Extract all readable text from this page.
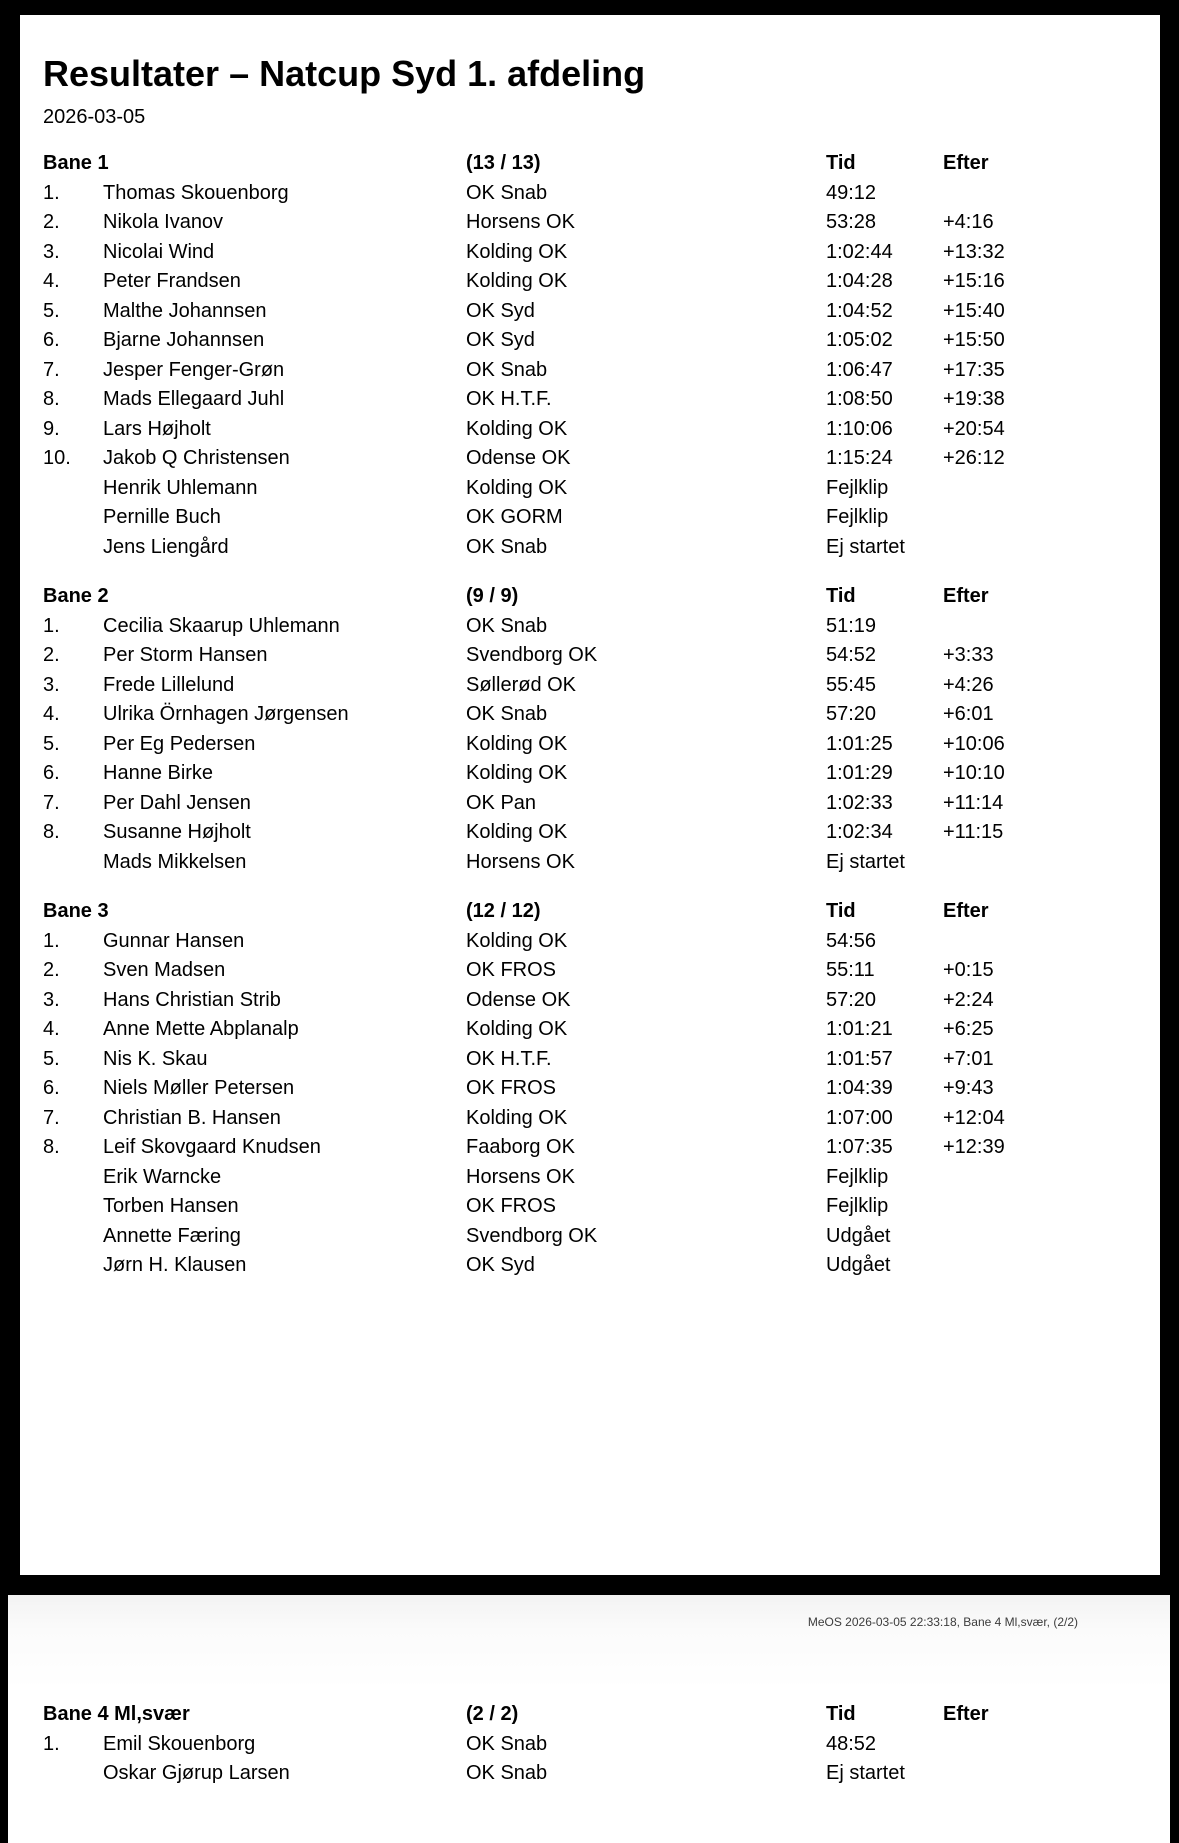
Resultater – Natcup Syd 1. afdeling
2026-03-05
Bane 1	(13 / 13)	Tid	Efter
1.	Thomas Skouenborg	OK Snab	49:12
2.	Nikola Ivanov	Horsens OK	53:28	+4:16
3.	Nicolai Wind	Kolding OK	1:02:44	+13:32
4.	Peter Frandsen	Kolding OK	1:04:28	+15:16
5.	Malthe Johannsen	OK Syd	1:04:52	+15:40
6.	Bjarne Johannsen	OK Syd	1:05:02	+15:50
7.	Jesper Fenger-Grøn	OK Snab	1:06:47	+17:35
8.	Mads Ellegaard Juhl	OK H.T.F.	1:08:50	+19:38
9.	Lars Højholt	Kolding OK	1:10:06	+20:54
10.	Jakob Q Christensen	Odense OK	1:15:24	+26:12
Henrik Uhlemann	Kolding OK	Fejlklip
Pernille Buch	OK GORM	Fejlklip
Jens Liengård	OK Snab	Ej startet
Bane 2	(9 / 9)	Tid	Efter
1.	Cecilia Skaarup Uhlemann	OK Snab	51:19
2.	Per Storm Hansen	Svendborg OK	54:52	+3:33
3.	Frede Lillelund	Søllerød OK	55:45	+4:26
4.	Ulrika Örnhagen Jørgensen	OK Snab	57:20	+6:01
5.	Per Eg Pedersen	Kolding OK	1:01:25	+10:06
6.	Hanne Birke	Kolding OK	1:01:29	+10:10
7.	Per Dahl Jensen	OK Pan	1:02:33	+11:14
8.	Susanne Højholt	Kolding OK	1:02:34	+11:15
Mads Mikkelsen	Horsens OK	Ej startet
Bane 3	(12 / 12)	Tid	Efter
1.	Gunnar Hansen	Kolding OK	54:56
2.	Sven Madsen	OK FROS	55:11	+0:15
3.	Hans Christian Strib	Odense OK	57:20	+2:24
4.	Anne Mette Abplanalp	Kolding OK	1:01:21	+6:25
5.	Nis K. Skau	OK H.T.F.	1:01:57	+7:01
6.	Niels Møller Petersen	OK FROS	1:04:39	+9:43
7.	Christian B. Hansen	Kolding OK	1:07:00	+12:04
8.	Leif Skovgaard Knudsen	Faaborg OK	1:07:35	+12:39
Erik Warncke	Horsens OK	Fejlklip
Torben Hansen	OK FROS	Fejlklip
Annette Færing	Svendborg OK	Udgået
Jørn H. Klausen	OK Syd	Udgået
MeOS 2026-03-05 22:33:18, Bane 4 Ml,svær, (2/2)
Bane 4 Ml,svær	(2 / 2)	Tid	Efter
1.	Emil Skouenborg	OK Snab	48:52
Oskar Gjørup Larsen	OK Snab	Ej startet
